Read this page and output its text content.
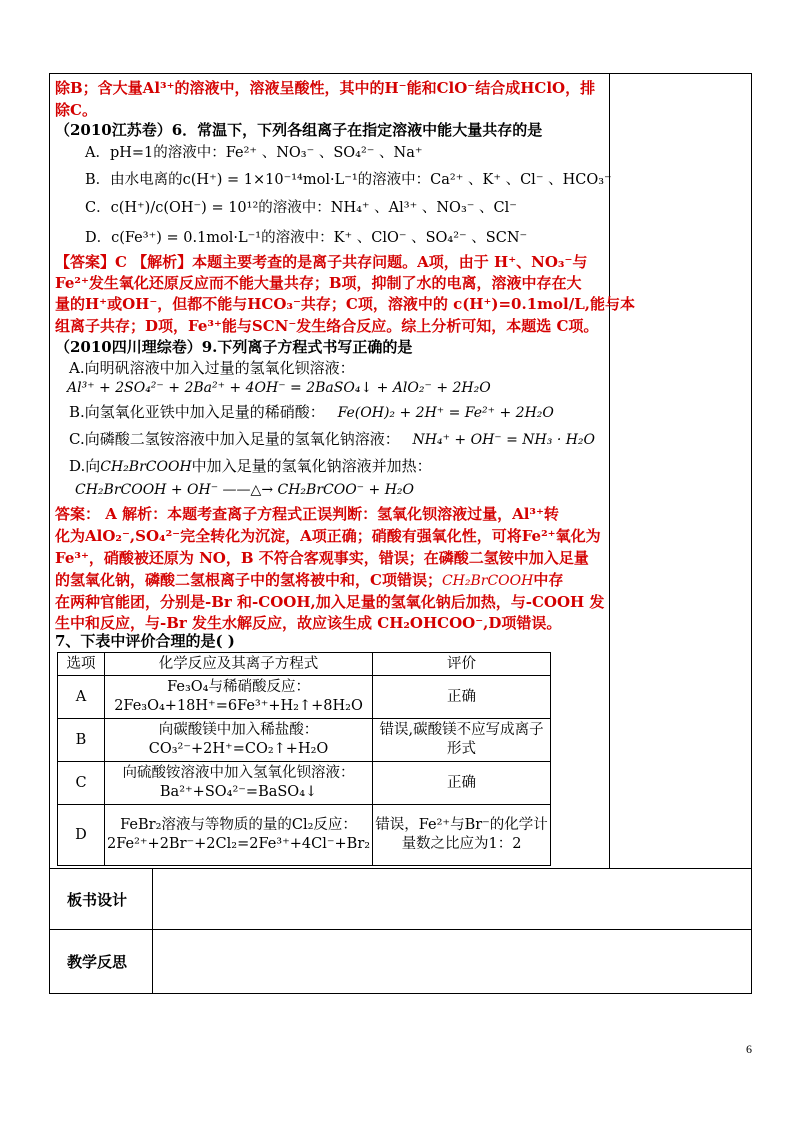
除B；含大量Al³⁺的溶液中，溶液呈酸性，其中的H⁻能和ClO⁻结合成HClO，排
除C。
（2010江苏卷）6．常温下，下列各组离子在指定溶液中能大量共存的是
A．pH=1的溶液中：Fe²⁺ 、NO₃⁻ 、SO₄²⁻ 、Na⁺
B．由水电离的c(H⁺) = 1×10⁻¹⁴mol·L⁻¹的溶液中：Ca²⁺ 、K⁺ 、Cl⁻ 、HCO₃⁻
C．c(H⁺)/c(OH⁻) = 10¹²的溶液中：NH₄⁺ 、Al³⁺ 、NO₃⁻ 、Cl⁻
D．c(Fe³⁺) = 0.1mol·L⁻¹的溶液中：K⁺ 、ClO⁻ 、SO₄²⁻ 、SCN⁻
【答案】C 【解析】本题主要考查的是离子共存问题。A项，由于 H⁺、NO₃⁻与
Fe²⁺发生氧化还原反应而不能大量共存；B项，抑制了水的电离，溶液中存在大
量的H⁺或OH⁻，但都不能与HCO₃⁻共存；C项，溶液中的 c(H⁺)=0.1mol/L,能与本
组离子共存；D项，Fe³⁺能与SCN⁻发生络合反应。综上分析可知，本题选 C项。
（2010四川理综卷）9.下列离子方程式书写正确的是
A.向明矾溶液中加入过量的氢氧化钡溶液：
Al³⁺ + 2SO₄²⁻ + 2Ba²⁺ + 4OH⁻ = 2BaSO₄↓ + AlO₂⁻ + 2H₂O
B.向氢氧化亚铁中加入足量的稀硝酸： Fe(OH)₂ + 2H⁺ = Fe²⁺ + 2H₂O
C.向磷酸二氢铵溶液中加入足量的氢氧化钠溶液： NH₄⁺ + OH⁻ = NH₃ · H₂O
D.向CH₂BrCOOH中加入足量的氢氧化钠溶液并加热：
CH₂BrCOOH + OH⁻ ——△→ CH₂BrCOO⁻ + H₂O
答案： A 解析：本题考查离子方程式正误判断：氢氧化钡溶液过量，Al³⁺转
化为AlO₂⁻,SO₄²⁻完全转化为沉淀，A项正确；硝酸有强氧化性，可将Fe²⁺氧化为
Fe³⁺，硝酸被还原为 NO，B 不符合客观事实，错误；在磷酸二氢铵中加入足量
的氢氧化钠，磷酸二氢根离子中的氢将被中和，C项错误；CH₂BrCOOH中存
在两种官能团，分别是-Br 和-COOH,加入足量的氢氧化钠后加热，与-COOH 发
生中和反应，与-Br 发生水解反应，故应该生成 CH₂OHCOO⁻,D项错误。
7、下表中评价合理的是( )
选项	化学反应及其离子方程式	评价
A	Fe₃O₄与稀硝酸反应：
2Fe₃O₄+18H⁺=6Fe³⁺+H₂↑+8H₂O	正确
B	向碳酸镁中加入稀盐酸：
CO₃²⁻+2H⁺=CO₂↑+H₂O	错误,碳酸镁不应写成离子形式
C	向硫酸铵溶液中加入氢氧化钡溶液：
Ba²⁺+SO₄²⁻=BaSO₄↓	正确
D	FeBr₂溶液与等物质的量的Cl₂反应：
2Fe²⁺+2Br⁻+2Cl₂=2Fe³⁺+4Cl⁻+Br₂	错误，Fe²⁺与Br⁻的化学计量数之比应为1：2
板书设计
教学反思
6
